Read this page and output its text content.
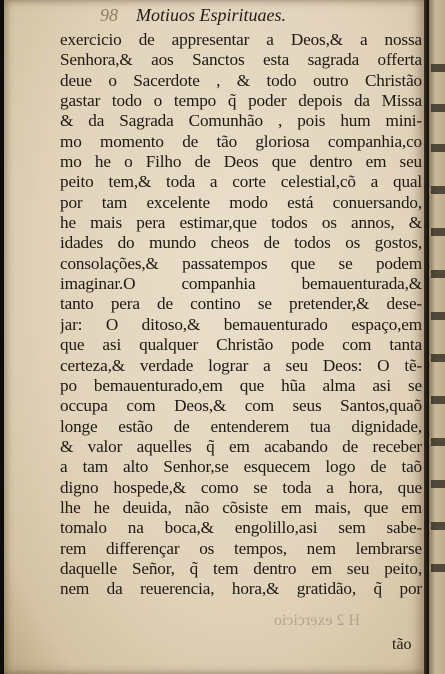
98 Motiuos Espirituaes.
exercicio de appresentar a Deos,& a nossa
Senhora,& aos Sanctos esta sagrada offerta
deue o Sacerdote , & todo outro Christão
gastar todo o tempo q̃ poder depois da Missa
& da Sagrada Comunhão , pois hum mini-
mo momento de tão gloriosa companhia,co
mo he o Filho de Deos que dentro em seu
peito tem,& toda a corte celestial,cõ a qual
por tam excelente modo está conuersando,
he mais pera estimar,que todos os annos, &
idades do mundo cheos de todos os gostos,
consolações,& passatempos que se podem
imaginar.O companhia bemauenturada,&
tanto pera de contino se pretender,& dese-
jar: O ditoso,& bemauenturado espaço,em
que asi qualquer Christão pode com tanta
certeza,& verdade lograr a seu Deos: O tẽ-
po bemauenturado,em que hũa alma asi se
occupa com Deos,& com seus Santos,quaõ
longe estão de entenderem tua dignidade,
& valor aquelles q̃ em acabando de receber
a tam alto Senhor,se esquecem logo de taõ
digno hospede,& como se toda a hora, que
lhe he deuida, não cõsiste em mais, que em
tomalo na boca,& engolillo,asi sem sabe-
rem differençar os tempos, nem lembrarse
daquelle Señor, q̃ tem dentro em seu peito,
nem da reuerencia, hora,& gratidão, q̃ por
H 2 exercicio
tão
